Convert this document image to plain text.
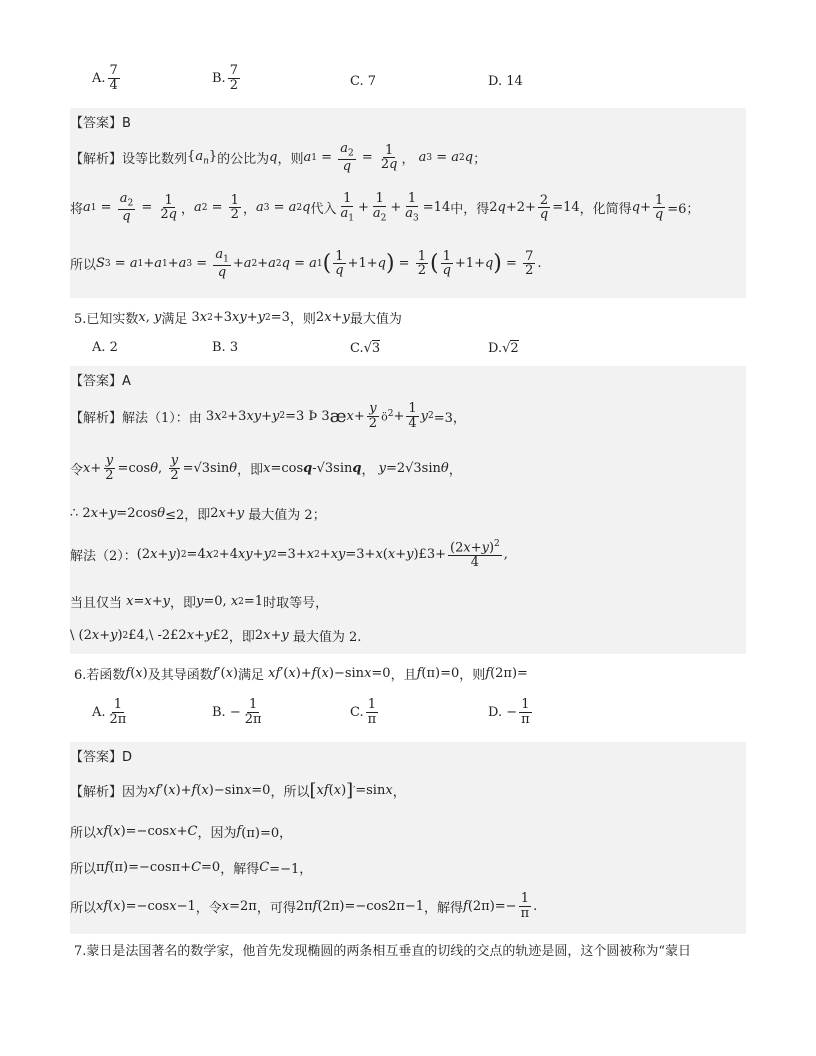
A. $\frac{7}{4}$	B. $\frac{7}{2}$	C. 7	D. 14
【答案】B
【解析】 设等比数列 $\{a_n\}$ 的公比为 q ，则 a $1 = \frac{a_2}{q} = \frac{1}{2q}$ ， a 3 = a 2 q ；
将 a $1 = \frac{a_2}{q} = \frac{1}{2q}$ ， a $2 = \frac{1}{2}$ ， a 3 = a 2 q 代入 $\frac{1}{a_1} + \frac{1}{a_2} + \frac{1}{a_3} =14$ 中，得 2 $q +2+ \frac{2}{q} =14$ ，化简得 $q + \frac{1}{q} =6$；
所以 S 3 = a 1 + a 1 + a $3 = \frac{a_1}{q} + a$ 2 + a 2 q = a 1 ( $\frac{1}{q} +1+ q$ ) = $\frac{1}{2}$ ( $\frac{1}{q} +1+ q$ ) = $\frac{7}{2}$ .
5.已知实数 x , y 满足 3 x 2 +3 xy + y 2 =3 ，则 2 x + y 最大值为
A. 2	B. 3	C. √ 3	D. √ 2
【答案】A
【解析】 解法（1）：由 3 x 2 +3 xy + y 2 =3 Þ 3 æ $x + \frac{y}{2}$ $ö^2 + \frac{1}{4}$ y 2 =3，
令 $x + \frac{y}{2} =\cos$ θ , $\frac{y}{2} =√3\sin$ θ ，即 x =cos q -√3sin q ， y =2√3sin θ ，
∴ 2 x + y =2cos θ ≤2， 即 2 x + y
最大值为 2；
解法（2）： (2 x + y ) 2 =4 x 2 +4 xy + y 2 =3+ x 2 + xy =3+ x ( x + y )£3+ $\frac{(2x+y)^2}{4}$ ,
当且仅当
x = x + y ，即 y =0, x 2 =1 时取等号，
\ (2 x + y ) 2 £4,\ -2£2 x + y £2 ，即 2 x + y
最大值为 2.
6.若函数 f ( x ) 及其导函数 f ′( x ) 满足
xf ′( x )+ f ( x )−sin x =0 ，且 f (π)=0 ，则 f (2π)=
A. $\frac{1}{2\pi}$	B. − $\frac{1}{2\pi}$	C. $\frac{1}{\pi}$	D. − $\frac{1}{\pi}$
【答案】D
【解析】 因为 xf ′( x )+ f ( x )−sin x =0 ，所以 [ xf ( x ) ] ′ =sin x ，
所以 xf ( x )=−cos x + C ，因为 f (π)=0，
所以 π f (π)=−cosπ+ C =0 ，解得 C =−1，
所以 xf ( x )=−cos x −1 ，令 x =2π ，可得 2π f (2π)=−cos2π−1 ，解得 f $(2\pi)=- \frac{1}{\pi}$ .
7.蒙日是法国著名的数学家，他首先发现椭圆的两条相互垂直的切线的交点的轨迹是圆，这个圆被称为“蒙日
